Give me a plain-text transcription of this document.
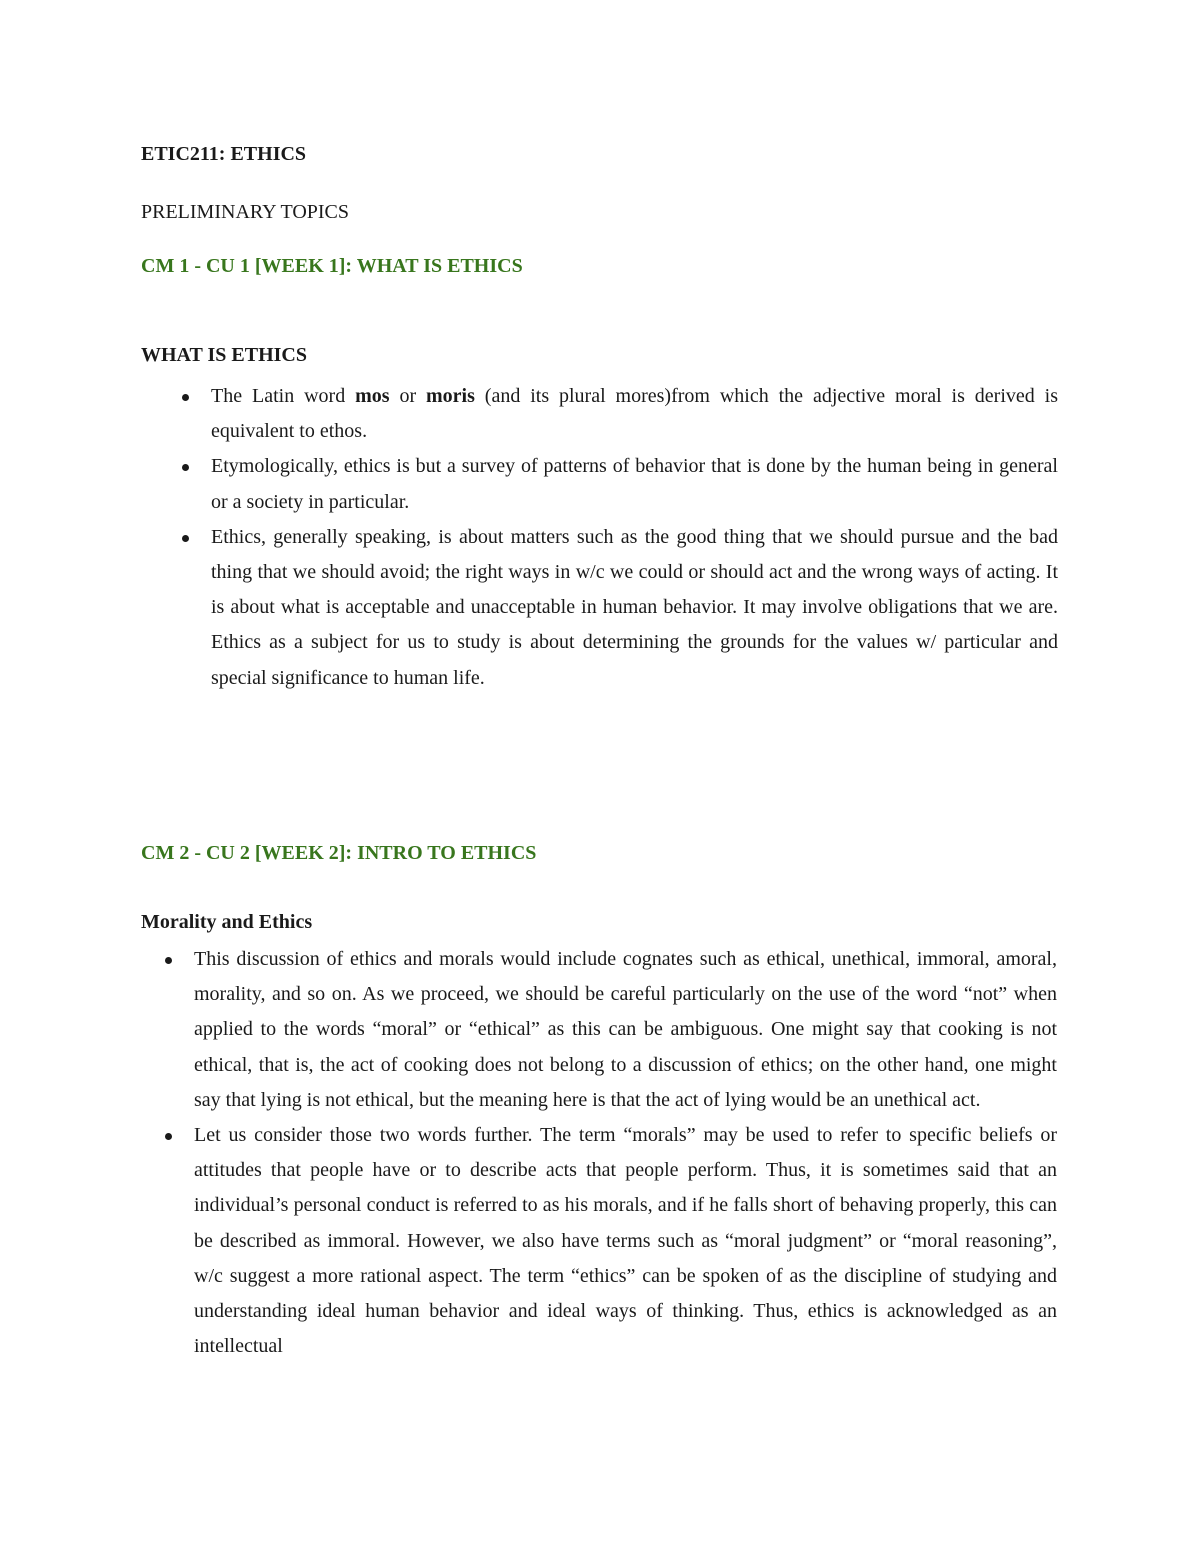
ETIC211: ETHICS

PRELIMINARY TOPICS

CM 1 - CU 1 [WEEK 1]: WHAT IS ETHICS
WHAT IS ETHICS
The Latin word mos or moris (and its plural mores)from which the adjective moral is derived is equivalent to ethos.
Etymologically, ethics is but a survey of patterns of behavior that is done by the human being in general or a society in particular.
Ethics, generally speaking, is about matters such as the good thing that we should pursue and the bad thing that we should avoid; the right ways in w/c we could or should act and the wrong ways of acting. It is about what is acceptable and unacceptable in human behavior. It may involve obligations that we are. Ethics as a subject for us to study is about determining the grounds for the values w/ particular and special significance to human life.
CM 2 - CU 2 [WEEK 2]: INTRO TO ETHICS
Morality and Ethics
This discussion of ethics and morals would include cognates such as ethical, unethical, immoral, amoral, morality, and so on. As we proceed, we should be careful particularly on the use of the word “not” when applied to the words “moral” or “ethical” as this can be ambiguous. One might say that cooking is not ethical, that is, the act of cooking does not belong to a discussion of ethics; on the other hand, one might say that lying is not ethical, but the meaning here is that the act of lying would be an unethical act.
Let us consider those two words further. The term “morals” may be used to refer to specific beliefs or attitudes that people have or to describe acts that people perform. Thus, it is sometimes said that an individual’s personal conduct is referred to as his morals, and if he falls short of behaving properly, this can be described as immoral. However, we also have terms such as “moral judgment” or “moral reasoning”, w/c suggest a more rational aspect. The term “ethics” can be spoken of as the discipline of studying and understanding ideal human behavior and ideal ways of thinking. Thus, ethics is acknowledged as an intellectual
